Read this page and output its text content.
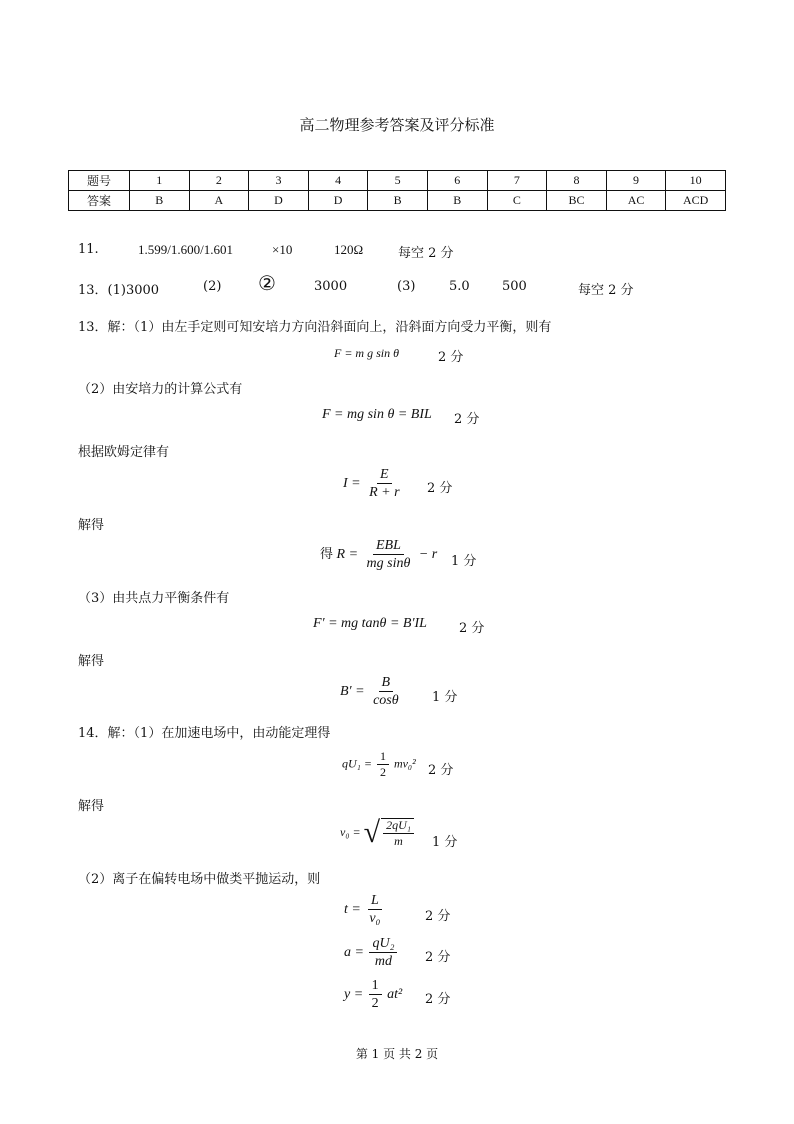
高二物理参考答案及评分标准
题号	1	2	3	4	5	6	7	8	9	10
答案	B	A	D	D	B	B	C	BC	AC	ACD
11.	1.599/1.600/1.601	×10	120Ω	每空 2 分
13．(1)3000	(2) ②	3000	(3)	5.0 500	每空 2 分
13．解：（1）由左手定则可知安培力方向沿斜面向上，沿斜面方向受力平衡，则有
F = m g sin θ	2 分
（2）由安培力的计算公式有
F = mg sin θ = BIL 2 分
根据欧姆定律有
$I = \frac{E}{R + r} 2$ 分
解得
得 $R = \frac{\text{EBL}}{\text{mg sinθ}} - r$ 1 分
（3）由共点力平衡条件有
F′ = mg tanθ = B′IL 2 分
解得
$B' = \frac{B}{\cos\theta} 1$ 分
14．解：（1）在加速电场中，由动能定理得
$qU_1 = \frac{1}{2} mv_0^2$ 2 分
解得
v₀ = √ $\frac{\text{2qU₁}}{m} 1$ 分
（2）离子在偏转电场中做类平抛运动，则
$t = \frac{L}{\text{v₀}}$	2 分
$a = \frac{\text{qU₂}}{md} 2$ 分
$y = \frac{1}{2} at^2$ 2 分
第 1 页 共 2 页
